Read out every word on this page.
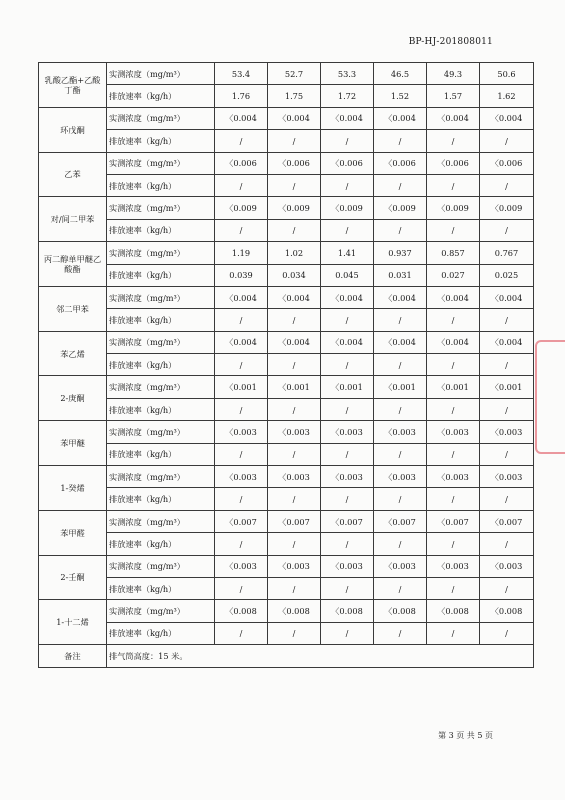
BP-HJ-201808011
乳酸乙酯+乙酸丁酯	实测浓度（mg/m³）	53.4	52.7	53.3	46.5	49.3	50.6
	排放速率（kg/h）	1.76	1.75	1.72	1.52	1.57	1.62
环戊酮	实测浓度（mg/m³）	〈0.004	〈0.004	〈0.004	〈0.004	〈0.004	〈0.004
	排放速率（kg/h）	/	/	/	/	/	/
乙苯	实测浓度（mg/m³）	〈0.006	〈0.006	〈0.006	〈0.006	〈0.006	〈0.006
	排放速率（kg/h）	/	/	/	/	/	/
对/间二甲苯	实测浓度（mg/m³）	〈0.009	〈0.009	〈0.009	〈0.009	〈0.009	〈0.009
	排放速率（kg/h）	/	/	/	/	/	/
丙二醇单甲醚乙酸酯	实测浓度（mg/m³）	1.19	1.02	1.41	0.937	0.857	0.767
	排放速率（kg/h）	0.039	0.034	0.045	0.031	0.027	0.025
邻二甲苯	实测浓度（mg/m³）	〈0.004	〈0.004	〈0.004	〈0.004	〈0.004	〈0.004
	排放速率（kg/h）	/	/	/	/	/	/
苯乙烯	实测浓度（mg/m³）	〈0.004	〈0.004	〈0.004	〈0.004	〈0.004	〈0.004
	排放速率（kg/h）	/	/	/	/	/	/
2-庚酮	实测浓度（mg/m³）	〈0.001	〈0.001	〈0.001	〈0.001	〈0.001	〈0.001
	排放速率（kg/h）	/	/	/	/	/	/
苯甲醚	实测浓度（mg/m³）	〈0.003	〈0.003	〈0.003	〈0.003	〈0.003	〈0.003
	排放速率（kg/h）	/	/	/	/	/	/
1-癸烯	实测浓度（mg/m³）	〈0.003	〈0.003	〈0.003	〈0.003	〈0.003	〈0.003
	排放速率（kg/h）	/	/	/	/	/	/
苯甲醛	实测浓度（mg/m³）	〈0.007	〈0.007	〈0.007	〈0.007	〈0.007	〈0.007
	排放速率（kg/h）	/	/	/	/	/	/
2-壬酮	实测浓度（mg/m³）	〈0.003	〈0.003	〈0.003	〈0.003	〈0.003	〈0.003
	排放速率（kg/h）	/	/	/	/	/	/
1-十二烯	实测浓度（mg/m³）	〈0.008	〈0.008	〈0.008	〈0.008	〈0.008	〈0.008
	排放速率（kg/h）	/	/	/	/	/	/
备注	排气筒高度：15 米。						
第 3 页 共 5 页
